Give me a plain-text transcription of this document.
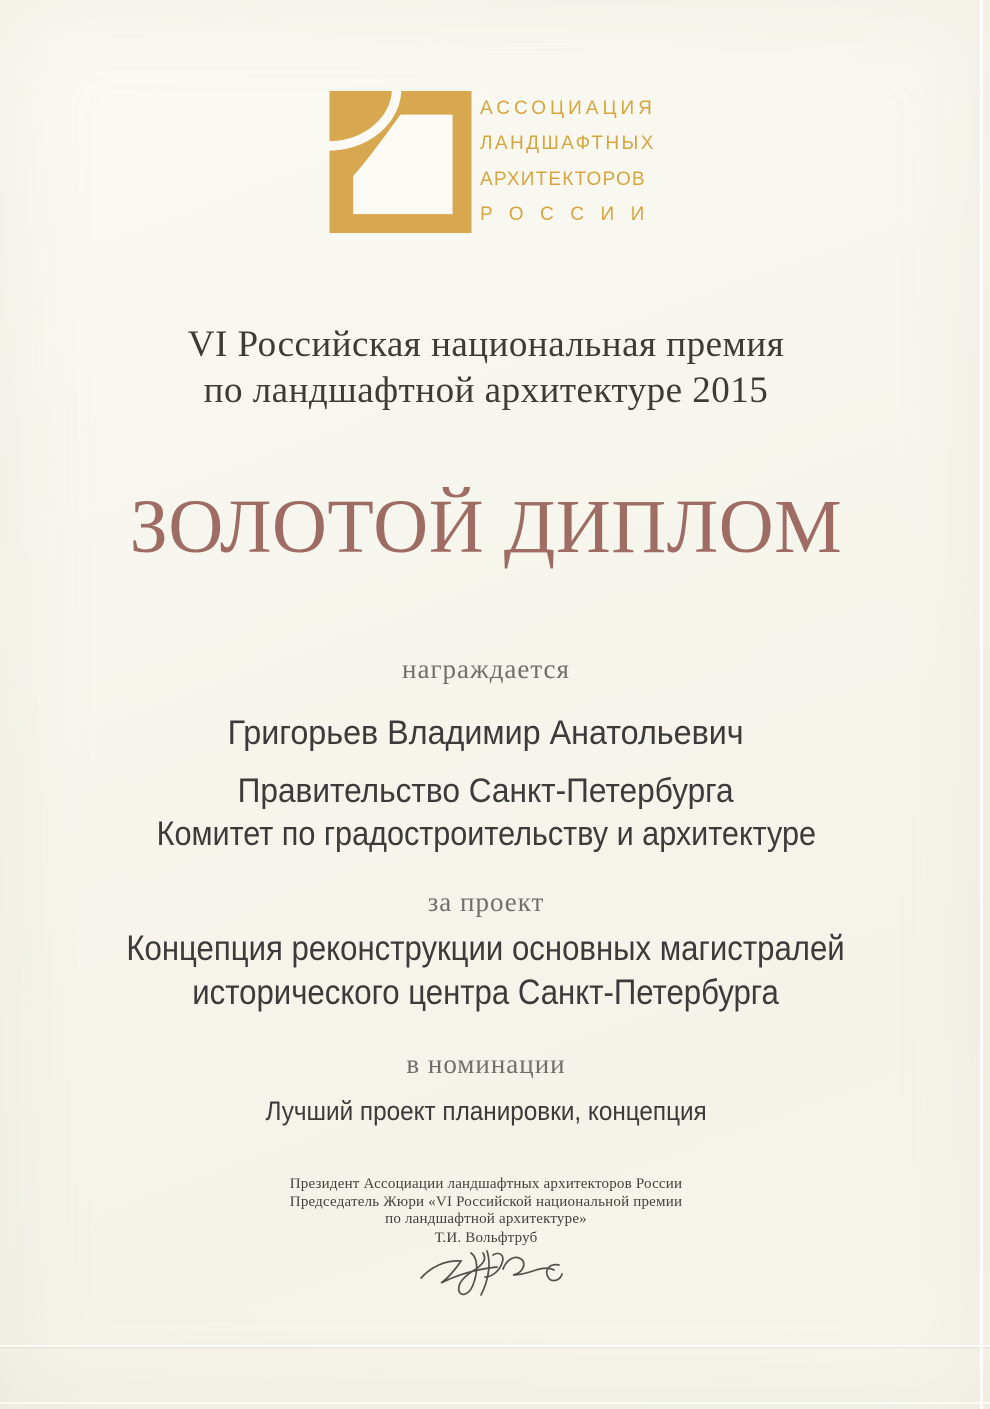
АССОЦИАЦИЯ
ЛАНДШАФТНЫХ
АРХИТЕКТОРОВ
РОССИИ
VI Российская национальная премия
по ландшафтной архитектуре 2015
ЗОЛОТОЙ ДИПЛОМ
награждается
Григорьев Владимир Анатольевич
Правительство Санкт-Петербурга
Комитет по градостроительству и архитектуре
за проект
Концепция реконструкции основных магистралей
исторического центра Санкт-Петербурга
в номинации
Лучший проект планировки, концепция
Президент Ассоциации ландшафтных архитекторов России
Председатель Жюри «VI Российской национальной премии
по ландшафтной архитектуре»
Т.И. Вольфтруб
